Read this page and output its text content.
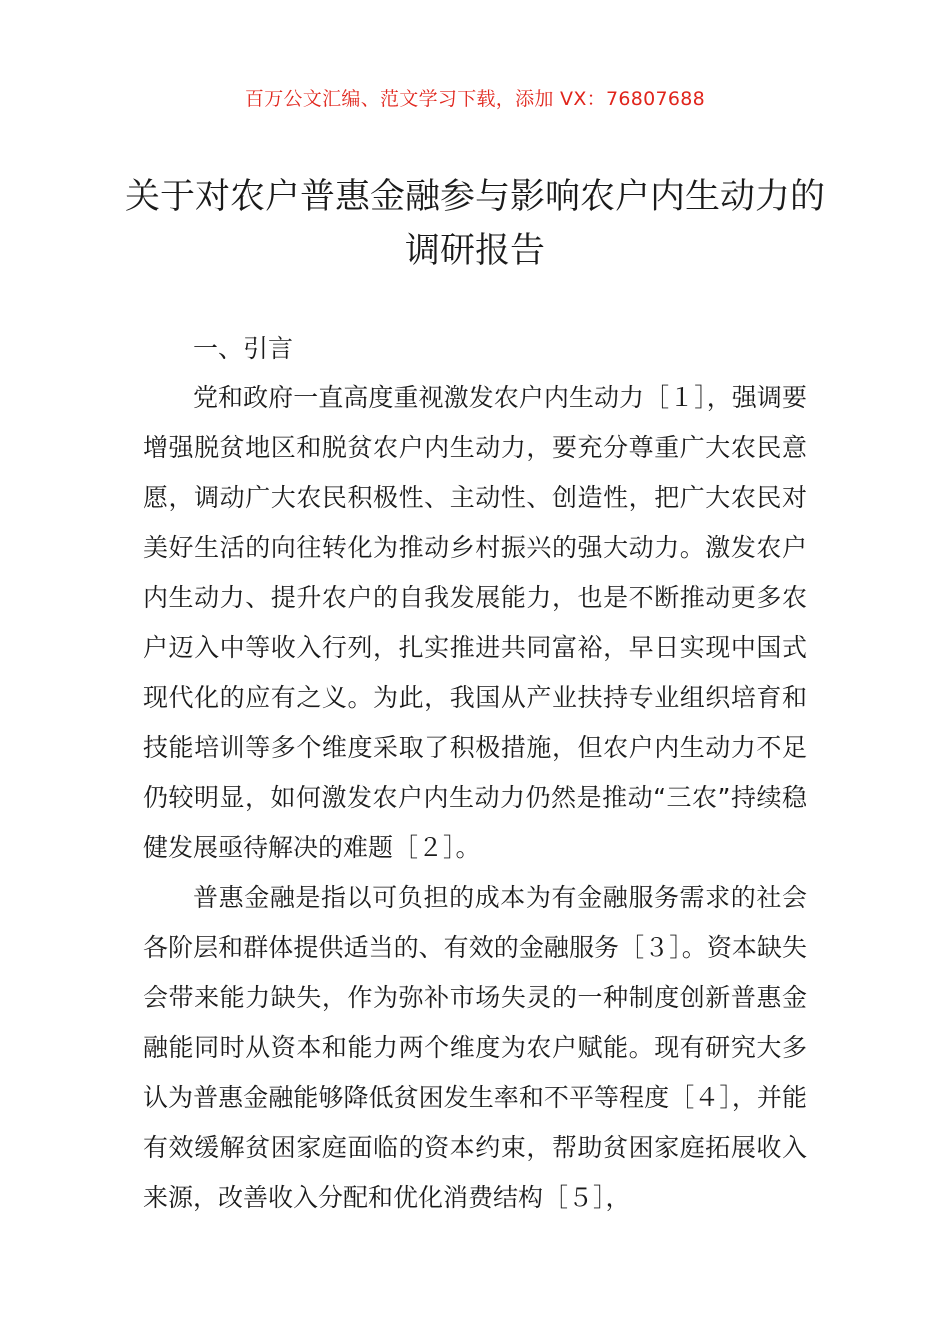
百万公文汇编、范文学习下载，添加 VX：76807688
关于对农户普惠金融参与影响农户内生动力的调研报告
一、引言

党和政府一直高度重视激发农户内生动力［１］，强调要增强脱贫地区和脱贫农户内生动力，要充分尊重广大农民意愿，调动广大农民积极性、主动性、创造性，把广大农民对美好生活的向往转化为推动乡村振兴的强大动力。激发农户内生动力、提升农户的自我发展能力，也是不断推动更多农户迈入中等收入行列，扎实推进共同富裕，早日实现中国式现代化的应有之义。为此，我国从产业扶持专业组织培育和技能培训等多个维度采取了积极措施，但农户内生动力不足仍较明显，如何激发农户内生动力仍然是推动“三农”持续稳健发展亟待解决的难题［２］。

普惠金融是指以可负担的成本为有金融服务需求的社会各阶层和群体提供适当的、有效的金融服务［３］。资本缺失会带来能力缺失，作为弥补市场失灵的一种制度创新普惠金融能同时从资本和能力两个维度为农户赋能。现有研究大多认为普惠金融能够降低贫困发生率和不平等程度［４］，并能有效缓解贫困家庭面临的资本约束，帮助贫困家庭拓展收入来源，改善收入分配和优化消费结构［５］，
